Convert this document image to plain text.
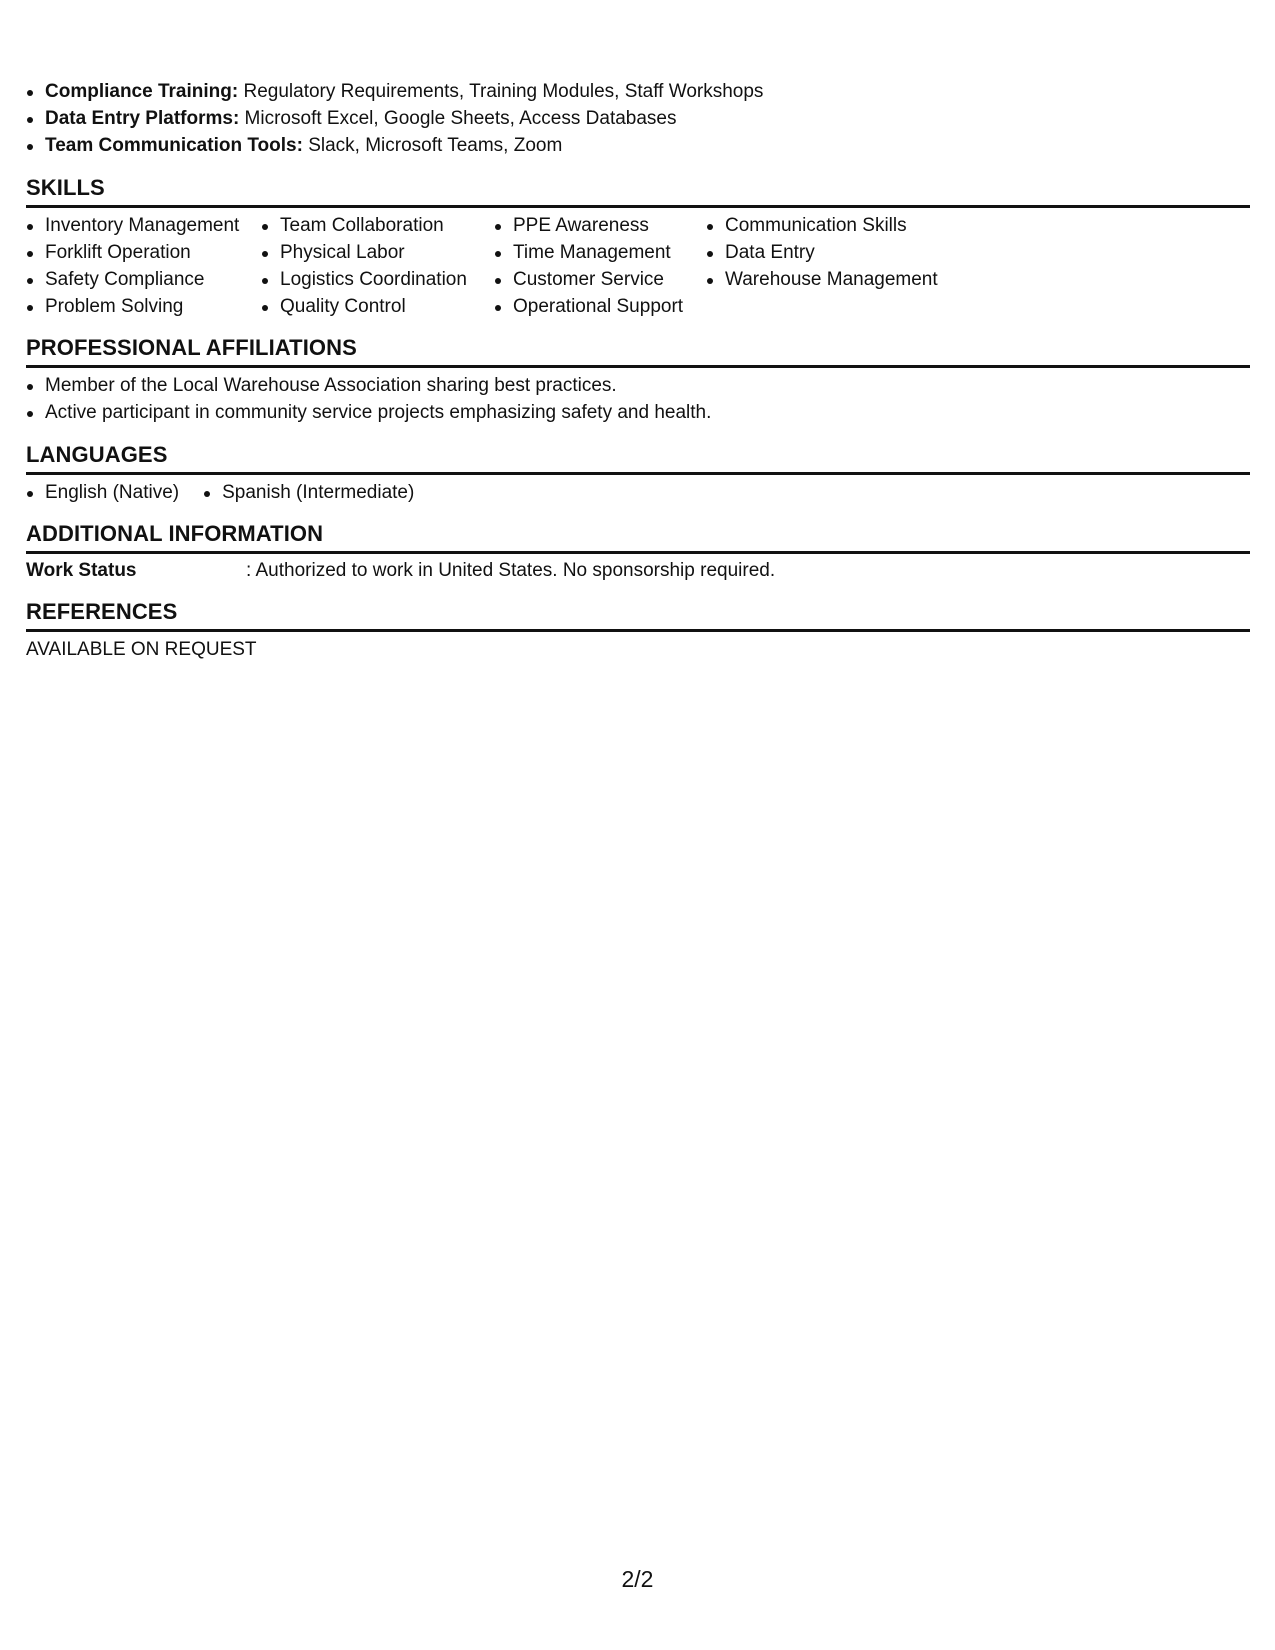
Compliance Training: Regulatory Requirements, Training Modules, Staff Workshops
Data Entry Platforms: Microsoft Excel, Google Sheets, Access Databases
Team Communication Tools: Slack, Microsoft Teams, Zoom
SKILLS
Inventory Management
Forklift Operation
Safety Compliance
Problem Solving
Team Collaboration
Physical Labor
Logistics Coordination
Quality Control
PPE Awareness
Time Management
Customer Service
Operational Support
Communication Skills
Data Entry
Warehouse Management
PROFESSIONAL AFFILIATIONS
Member of the Local Warehouse Association sharing best practices.
Active participant in community service projects emphasizing safety and health.
LANGUAGES
English (Native)	Spanish (Intermediate)
ADDITIONAL INFORMATION
Work Status	: Authorized to work in United States. No sponsorship required.
REFERENCES
AVAILABLE ON REQUEST
2/2
